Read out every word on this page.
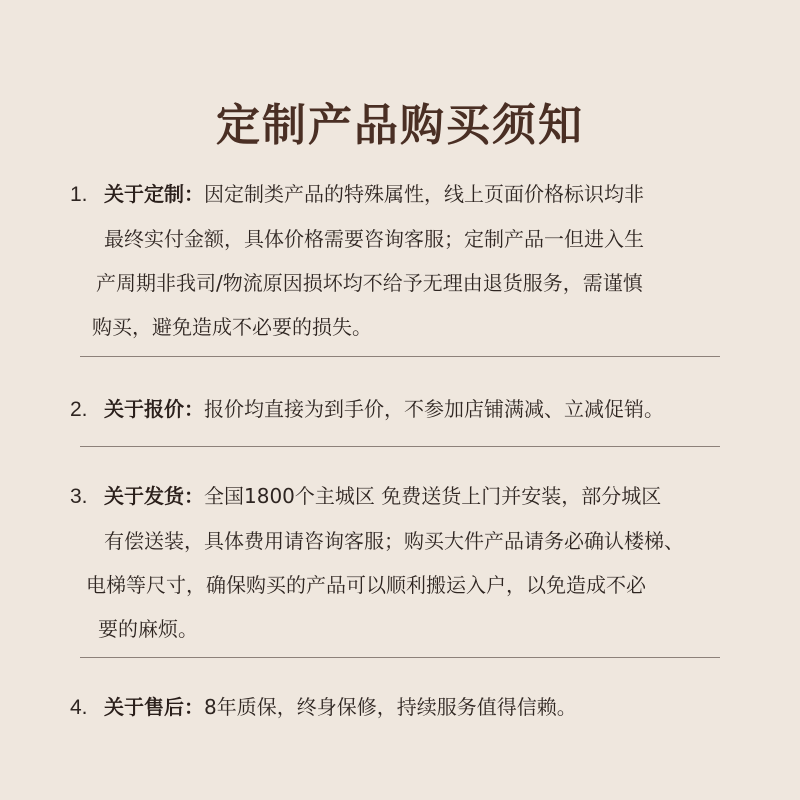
定制产品购买须知
1. 关于定制：因定制类产品的特殊属性，线上页面价格标识均非
最终实付金额，具体价格需要咨询客服；定制产品一但进入生
产周期非我司/物流原因损坏均不给予无理由退货服务，需谨慎
购买，避免造成不必要的损失。
2. 关于报价：报价均直接为到手价，不参加店铺满减、立减促销。
3. 关于发货：全国1800个主城区 免费送货上门并安装，部分城区
有偿送装，具体费用请咨询客服；购买大件产品请务必确认楼梯、
电梯等尺寸，确保购买的产品可以顺利搬运入户，以免造成不必
要的麻烦。
4. 关于售后：8年质保，终身保修，持续服务值得信赖。
